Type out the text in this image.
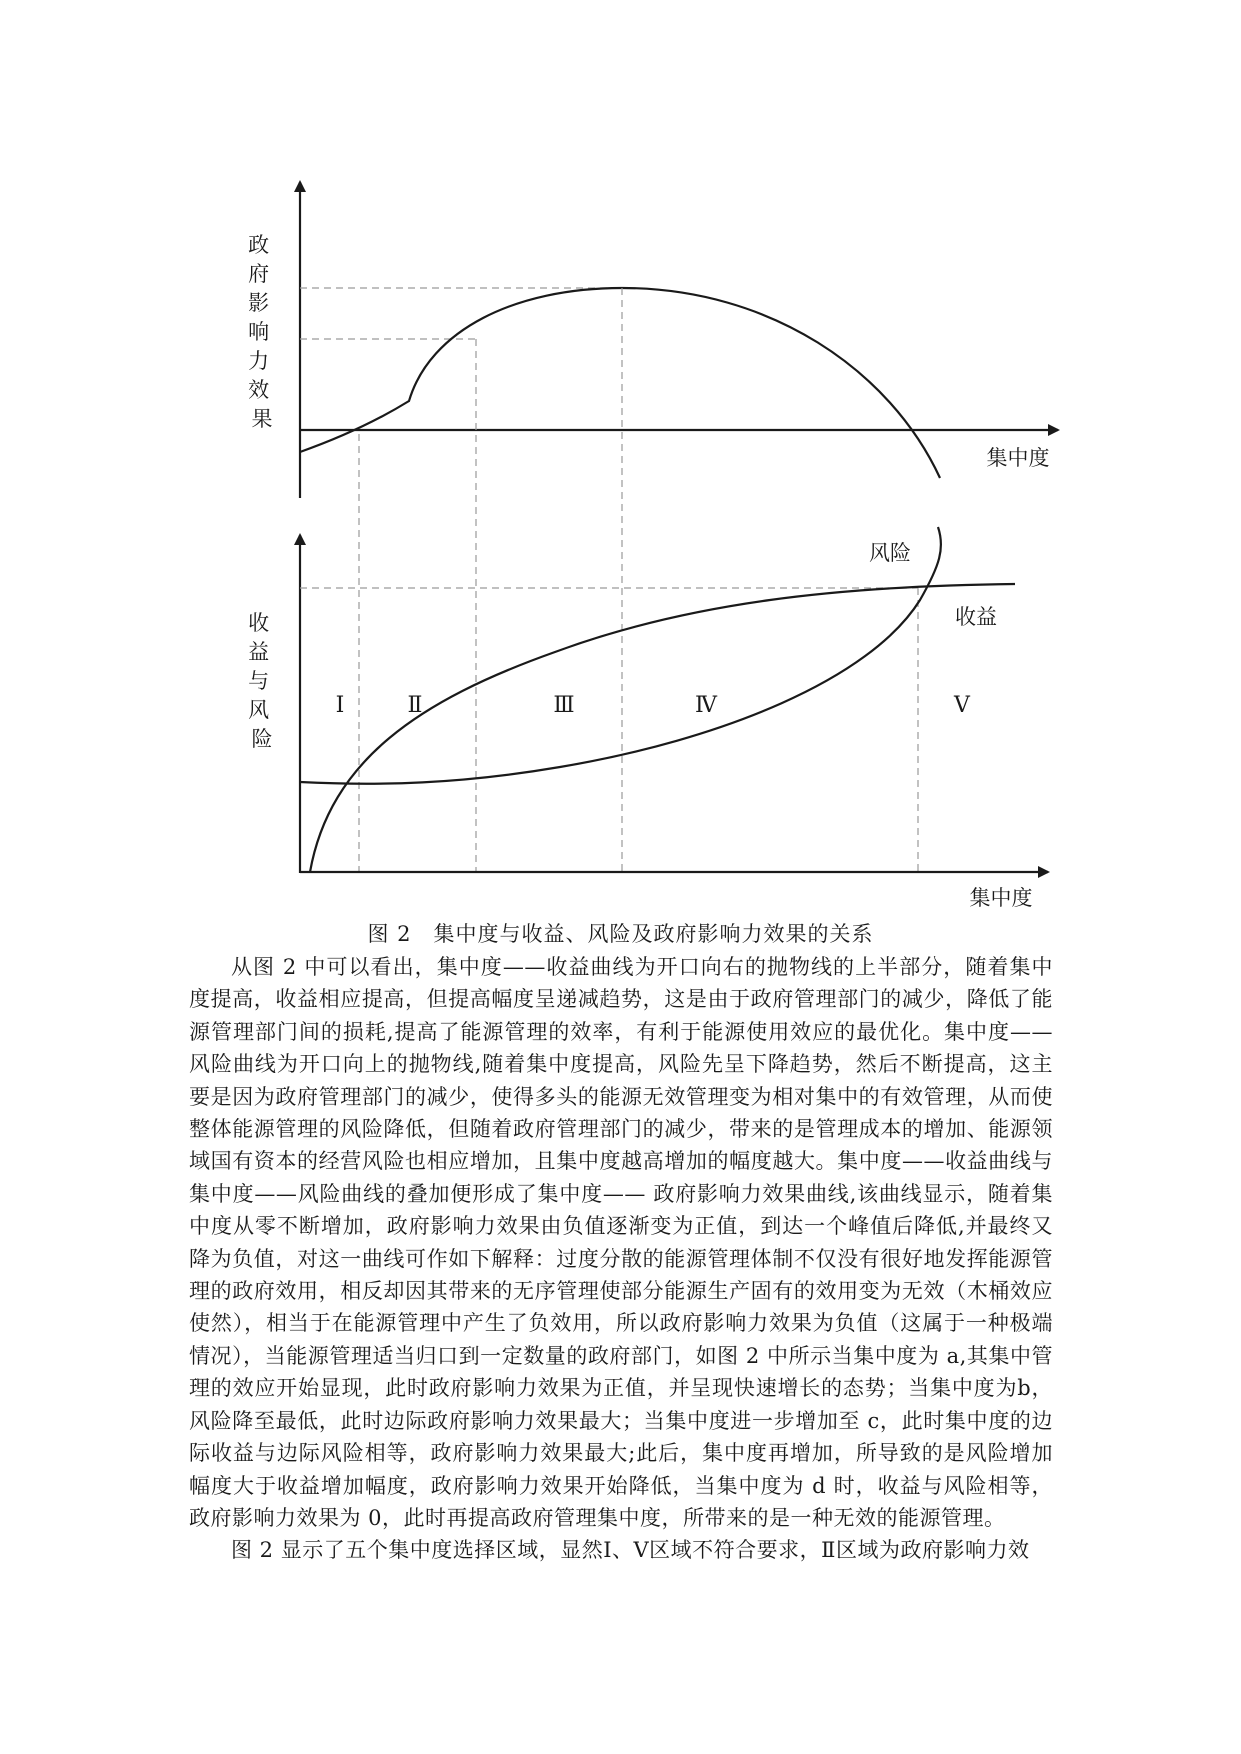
政 府 影 响 力 效 果
集中度
风险
收益
Ⅰ	Ⅱ	Ⅲ	Ⅳ	Ⅴ
收 益 与 风 险
集中度
图 2　集中度与收益、风险及政府影响力效果的关系

从图 2 中可以看出，集中度——收益曲线为开口向右的抛物线的上半部分，随着集中度提高，收益相应提高，但提高幅度呈递减趋势，这是由于政府管理部门的减少，降低了能源管理部门间的损耗,提高了能源管理的效率，有利于能源使用效应的最优化。集中度——风险曲线为开口向上的抛物线,随着集中度提高，风险先呈下降趋势，然后不断提高，这主要是因为政府管理部门的减少，使得多头的能源无效管理变为相对集中的有效管理，从而使整体能源管理的风险降低，但随着政府管理部门的减少，带来的是管理成本的增加、能源领域国有资本的经营风险也相应增加，且集中度越高增加的幅度越大。集中度——收益曲线与集中度——风险曲线的叠加便形成了集中度—— 政府影响力效果曲线,该曲线显示，随着集中度从零不断增加，政府影响力效果由负值逐渐变为正值，到达一个峰值后降低,并最终又降为负值，对这一曲线可作如下解释：过度分散的能源管理体制不仅没有很好地发挥能源管理的政府效用，相反却因其带来的无序管理使部分能源生产固有的效用变为无效（木桶效应使然），相当于在能源管理中产生了负效用，所以政府影响力效果为负值（这属于一种极端情况），当能源管理适当归口到一定数量的政府部门，如图 2 中所示当集中度为 a,其集中管理的效应开始显现，此时政府影响力效果为正值，并呈现快速增长的态势；当集中度为b，风险降至最低，此时边际政府影响力效果最大；当集中度进一步增加至 c，此时集中度的边际收益与边际风险相等，政府影响力效果最大;此后，集中度再增加，所导致的是风险增加幅度大于收益增加幅度，政府影响力效果开始降低，当集中度为 d 时，收益与风险相等，政府影响力效果为 0，此时再提高政府管理集中度，所带来的是一种无效的能源管理。

图 2 显示了五个集中度选择区域，显然Ⅰ、Ⅴ区域不符合要求，Ⅱ区域为政府影响力效
